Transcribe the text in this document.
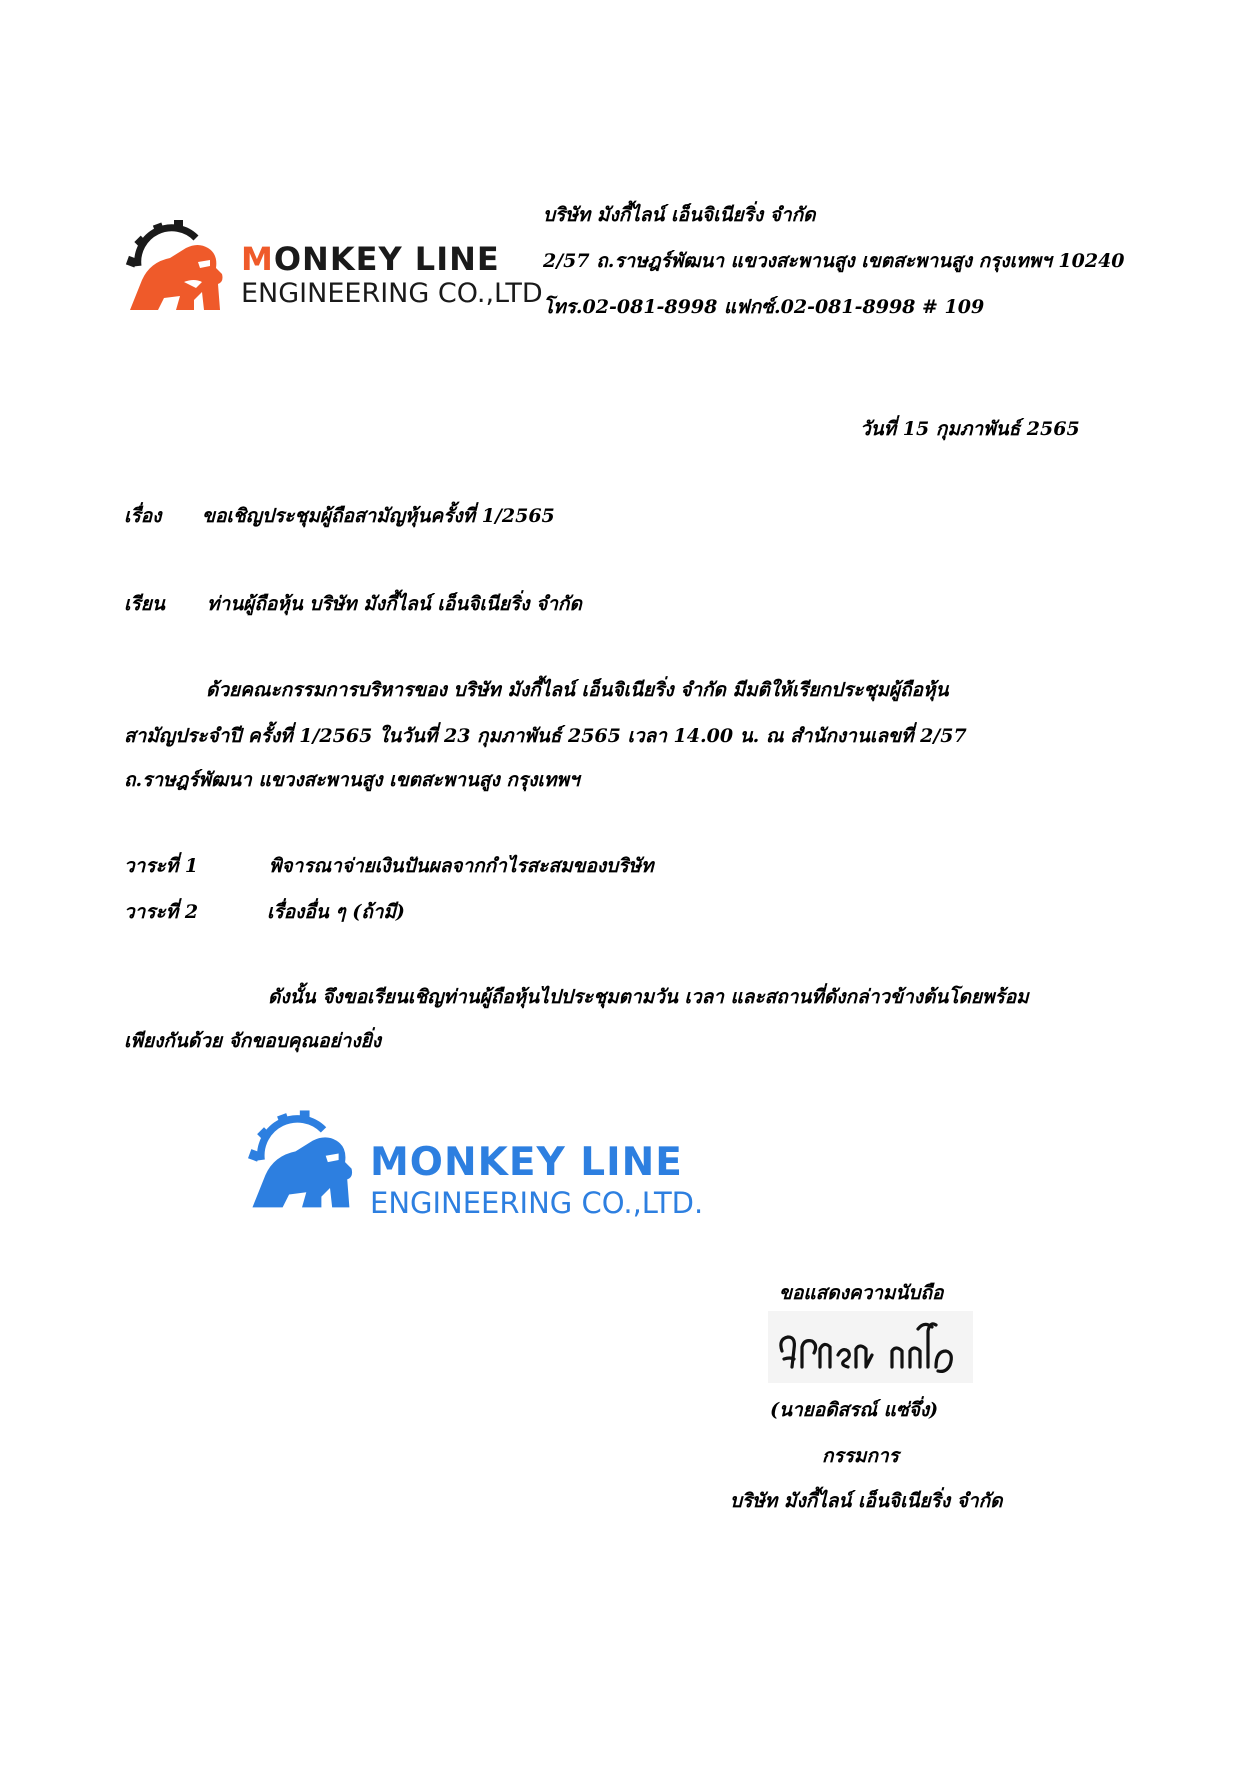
MONKEY LINE
ENGINEERING CO.,LTD
บริษัท มังกี้ไลน์ เอ็นจิเนียริ่ง จำกัด
2/57 ถ.ราษฎร์พัฒนา แขวงสะพานสูง เขตสะพานสูง กรุงเทพฯ 10240
โทร.02-081-8998 แฟกซ์.02-081-8998 # 109
วันที่ 15 กุมภาพันธ์ 2565
เรื่อง ขอเชิญประชุมผู้ถือสามัญหุ้นครั้งที่ 1/2565
เรียน ท่านผู้ถือหุ้น บริษัท มังกี้ไลน์ เอ็นจิเนียริ่ง จำกัด
ด้วยคณะกรรมการบริหารของ บริษัท มังกี้ไลน์ เอ็นจิเนียริ่ง จำกัด มีมติให้เรียกประชุมผู้ถือหุ้น
สามัญประจำปี ครั้งที่ 1/2565 ในวันที่ 23 กุมภาพันธ์ 2565 เวลา 14.00 น. ณ สำนักงานเลขที่ 2/57
ถ.ราษฎร์พัฒนา แขวงสะพานสูง เขตสะพานสูง กรุงเทพฯ
วาระที่ 1	พิจารณาจ่ายเงินปันผลจากกำไรสะสมของบริษัท
วาระที่ 2	เรื่องอื่น ๆ (ถ้ามี)
ดังนั้น จึงขอเรียนเชิญท่านผู้ถือหุ้นไปประชุมตามวัน เวลา และสถานที่ดังกล่าวข้างต้นโดยพร้อม
เพียงกันด้วย จักขอบคุณอย่างยิ่ง
MONKEY LINE
ENGINEERING CO.,LTD.
ขอแสดงความนับถือ
(นายอดิสรณ์ แซ่จึ่ง)
กรรมการ
บริษัท มังกี้ไลน์ เอ็นจิเนียริ่ง จำกัด
